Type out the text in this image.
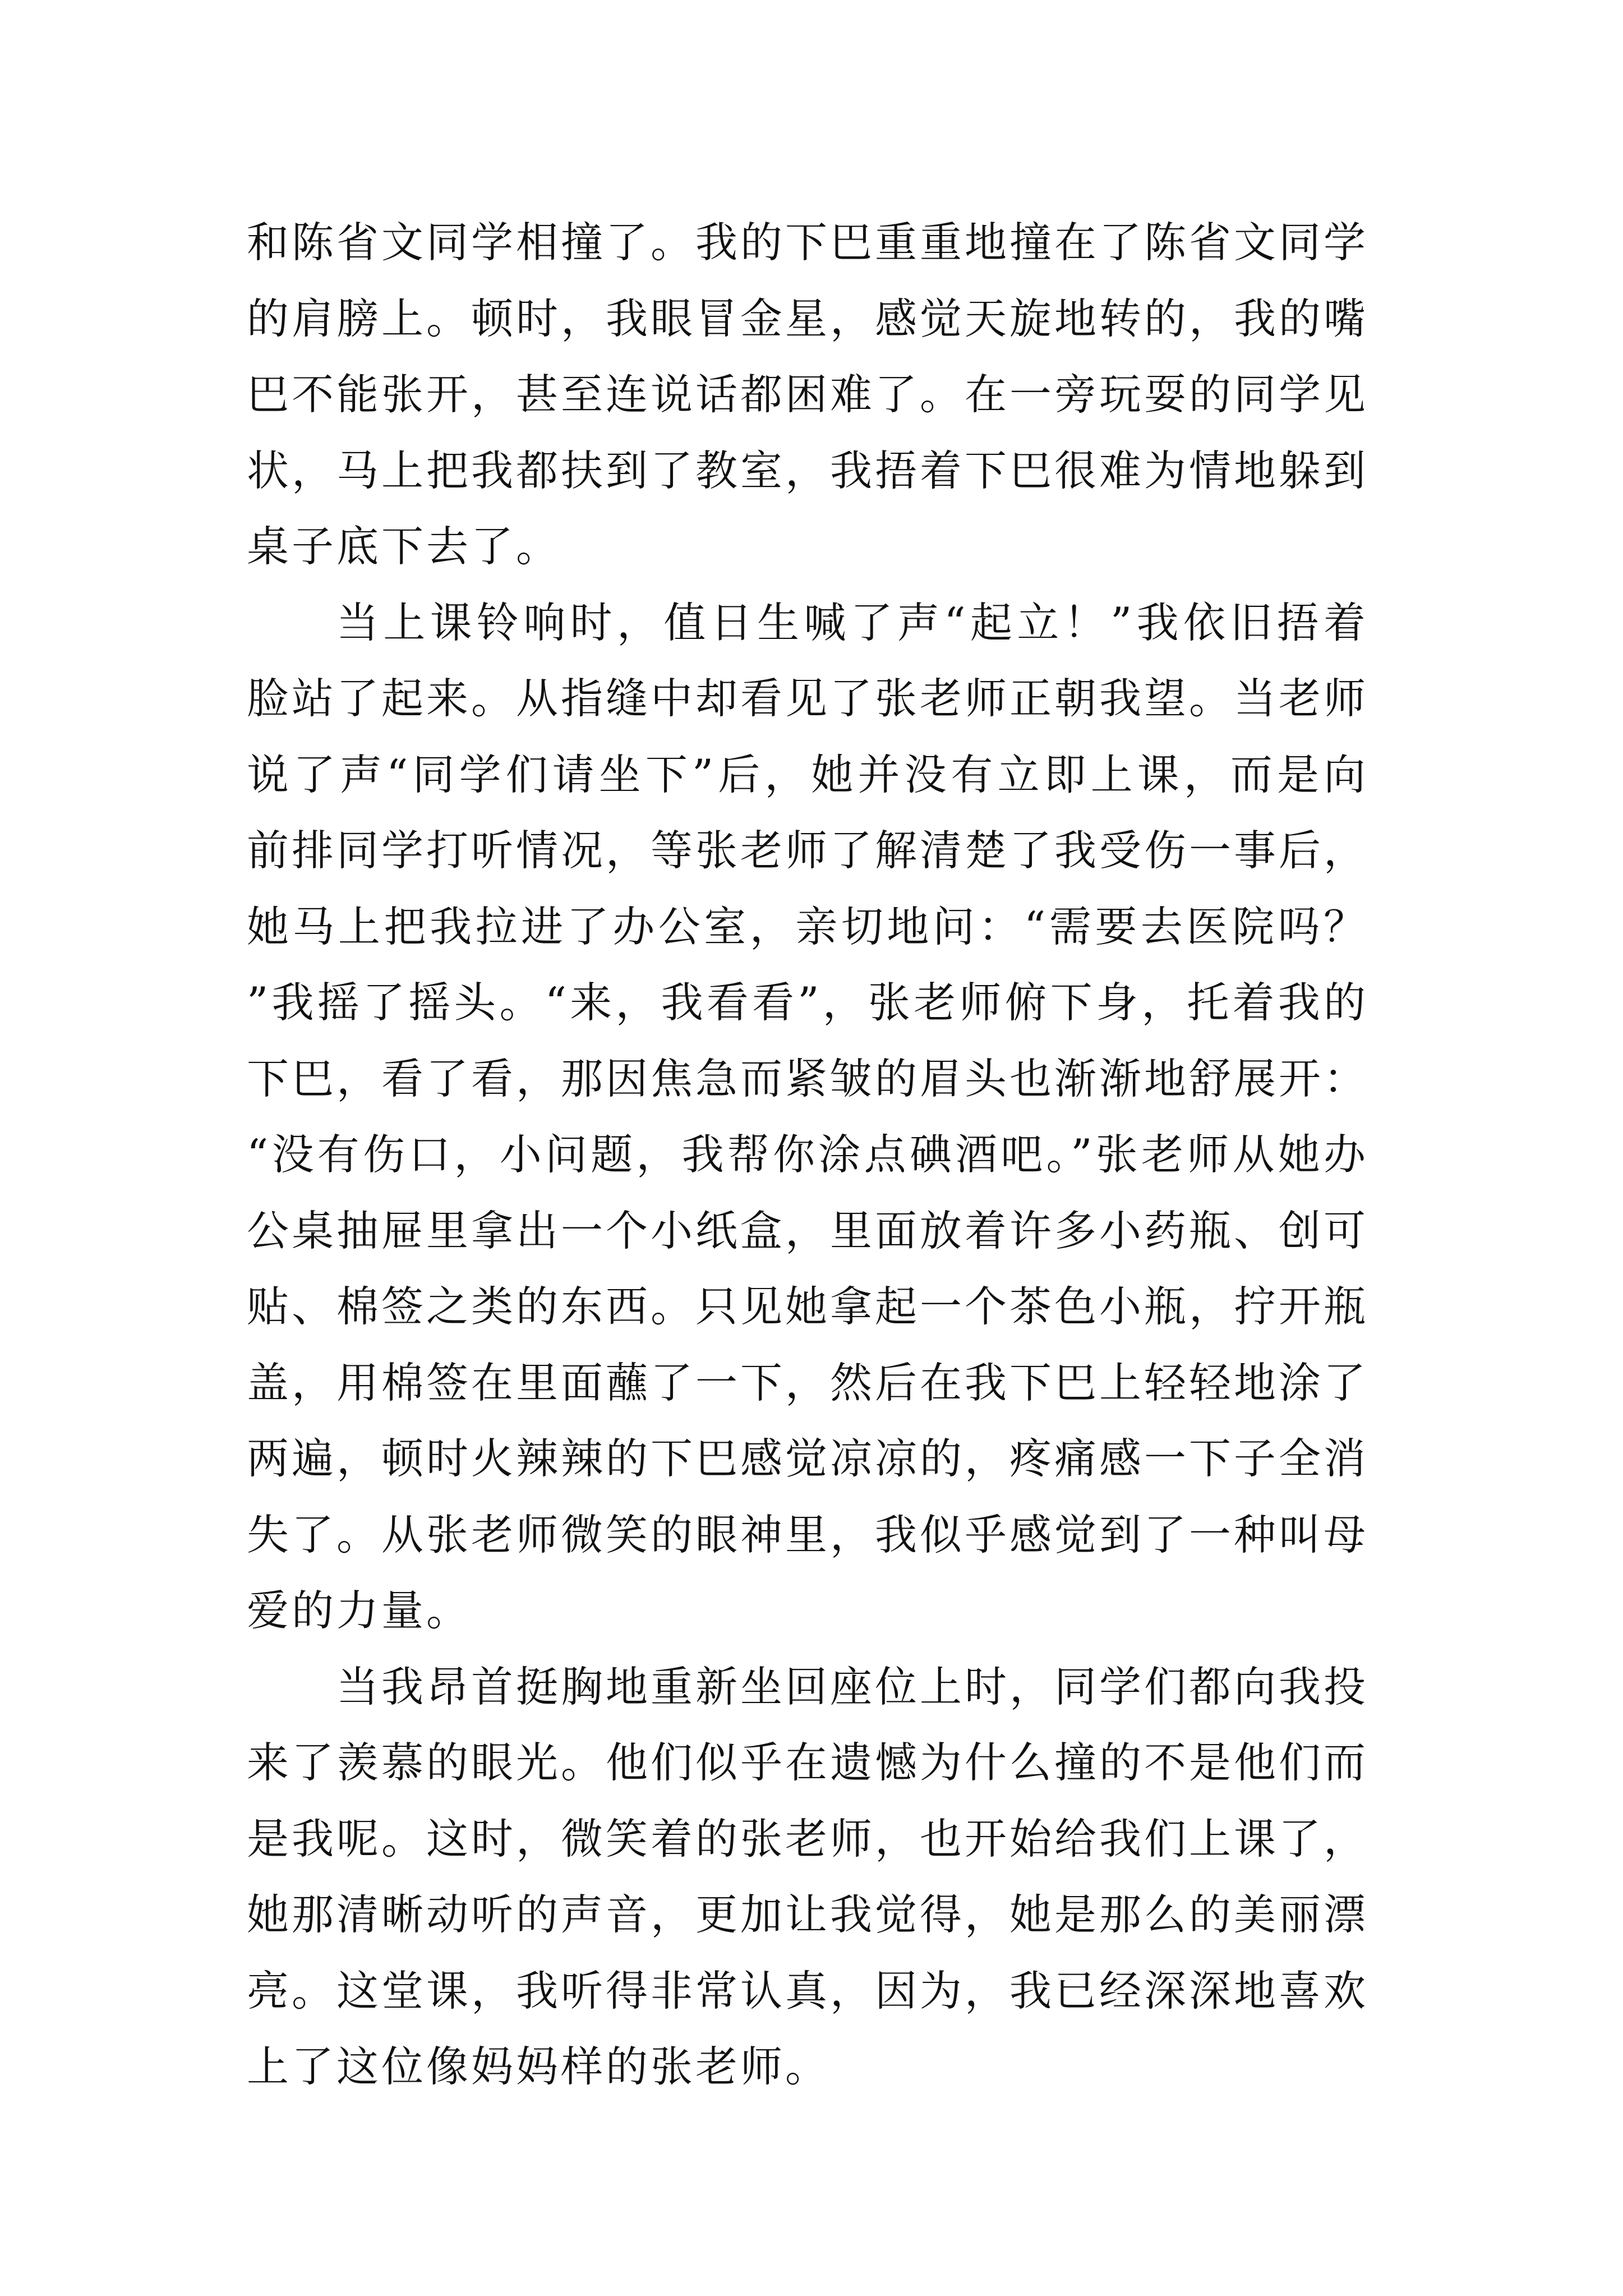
和陈省文同学相撞了。我的下巴重重地撞在了陈省文同学的肩膀上。顿时，我眼冒金星，感觉天旋地转的，我的嘴巴不能张开，甚至连说话都困难了。在一旁玩耍的同学见状，马上把我都扶到了教室，我捂着下巴很难为情地躲到桌子底下去了。

当上课铃响时，值日生喊了声“起立！”我依旧捂着脸站了起来。从指缝中却看见了张老师正朝我望。当老师说了声“同学们请坐下”后，她并没有立即上课，而是向前排同学打听情况，等张老师了解清楚了我受伤一事后，她马上把我拉进了办公室，亲切地问：“需要去医院吗？”我摇了摇头。“来，我看看”，张老师俯下身，托着我的下巴，看了看，那因焦急而紧皱的眉头也渐渐地舒展开：“没有伤口，小问题，我帮你涂点碘酒吧。”张老师从她办公桌抽屉里拿出一个小纸盒，里面放着许多小药瓶、创可贴、棉签之类的东西。只见她拿起一个茶色小瓶，拧开瓶盖，用棉签在里面蘸了一下，然后在我下巴上轻轻地涂了两遍，顿时火辣辣的下巴感觉凉凉的，疼痛感一下子全消失了。从张老师微笑的眼神里，我似乎感觉到了一种叫母爱的力量。

当我昂首挺胸地重新坐回座位上时，同学们都向我投来了羡慕的眼光。他们似乎在遗憾为什么撞的不是他们而是我呢。这时，微笑着的张老师，也开始给我们上课了，她那清晰动听的声音，更加让我觉得，她是那么的美丽漂亮。这堂课，我听得非常认真，因为，我已经深深地喜欢上了这位像妈妈样的张老师。
